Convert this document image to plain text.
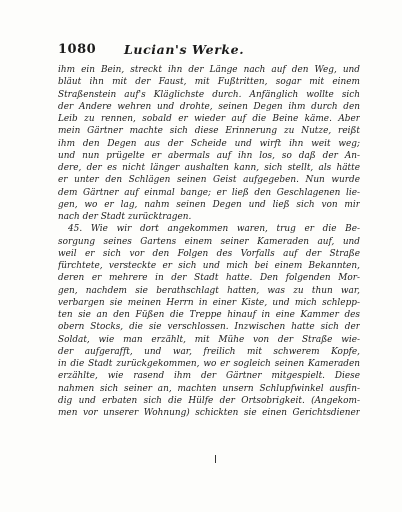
1080 Lucian's Werke.
ihm ein Bein, streckt ihn der Länge nach auf den Weg, und
bläut ihn mit der Faust, mit Fußtritten, sogar mit einem
Straßenstein auf's Kläglichste durch. Anfänglich wollte sich
der Andere wehren und drohte, seinen Degen ihm durch den
Leib zu rennen, sobald er wieder auf die Beine käme. Aber
mein Gärtner machte sich diese Erinnerung zu Nutze, reißt
ihm den Degen aus der Scheide und wirft ihn weit weg;
und nun prügelte er abermals auf ihn los, so daß der An-
dere, der es nicht länger aushalten kann, sich stellt, als hätte
er unter den Schlägen seinen Geist aufgegeben. Nun wurde
dem Gärtner auf einmal bange; er ließ den Geschlagenen lie-
gen, wo er lag, nahm seinen Degen und ließ sich von mir
nach der Stadt zurücktragen.
45. Wie wir dort angekommen waren, trug er die Be-
sorgung seines Gartens einem seiner Kameraden auf, und
weil er sich vor den Folgen des Vorfalls auf der Straße
fürchtete, versteckte er sich und mich bei einem Bekannten,
deren er mehrere in der Stadt hatte. Den folgenden Mor-
gen, nachdem sie berathschlagt hatten, was zu thun war,
verbargen sie meinen Herrn in einer Kiste, und mich schlepp-
ten sie an den Füßen die Treppe hinauf in eine Kammer des
obern Stocks, die sie verschlossen. Inzwischen hatte sich der
Soldat, wie man erzählt, mit Mühe von der Straße wie-
der aufgerafft, und war, freilich mit schwerem Kopfe,
in die Stadt zurückgekommen, wo er sogleich seinen Kameraden
erzählte, wie rasend ihm der Gärtner mitgespielt. Diese
nahmen sich seiner an, machten unsern Schlupfwinkel ausfin-
dig und erbaten sich die Hülfe der Ortsobrigkeit. (Angekom-
men vor unserer Wohnung) schickten sie einen Gerichtsdiener
